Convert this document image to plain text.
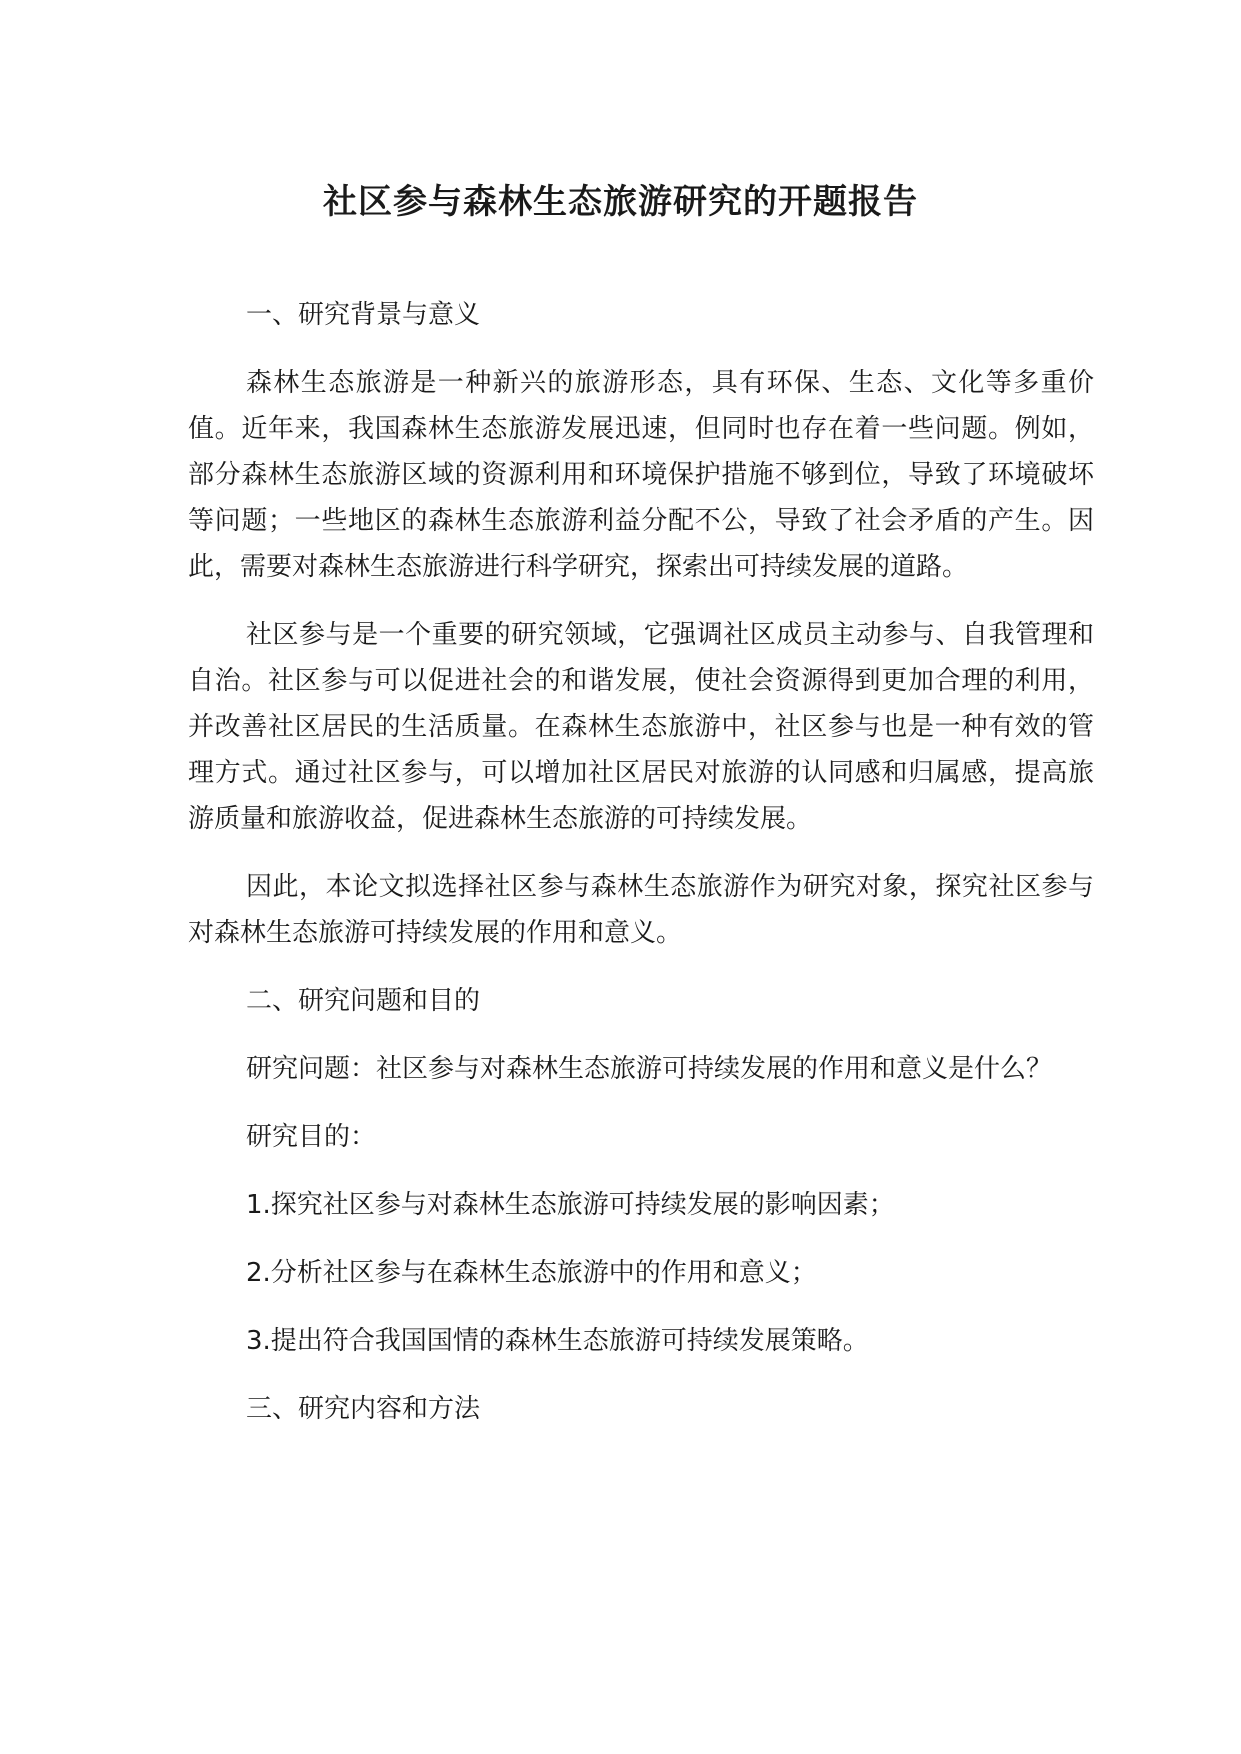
社区参与森林生态旅游研究的开题报告

一、研究背景与意义

森林生态旅游是一种新兴的旅游形态，具有环保、生态、文化等多重价值。近年来，我国森林生态旅游发展迅速，但同时也存在着一些问题。例如，部分森林生态旅游区域的资源利用和环境保护措施不够到位，导致了环境破坏等问题；一些地区的森林生态旅游利益分配不公，导致了社会矛盾的产生。因此，需要对森林生态旅游进行科学研究，探索出可持续发展的道路。

社区参与是一个重要的研究领域，它强调社区成员主动参与、自我管理和自治。社区参与可以促进社会的和谐发展，使社会资源得到更加合理的利用，并改善社区居民的生活质量。在森林生态旅游中，社区参与也是一种有效的管理方式。通过社区参与，可以增加社区居民对旅游的认同感和归属感，提高旅游质量和旅游收益，促进森林生态旅游的可持续发展。

因此，本论文拟选择社区参与森林生态旅游作为研究对象，探究社区参与对森林生态旅游可持续发展的作用和意义。

二、研究问题和目的

研究问题：社区参与对森林生态旅游可持续发展的作用和意义是什么？

研究目的：

1.探究社区参与对森林生态旅游可持续发展的影响因素；

2.分析社区参与在森林生态旅游中的作用和意义；

3.提出符合我国国情的森林生态旅游可持续发展策略。

三、研究内容和方法
